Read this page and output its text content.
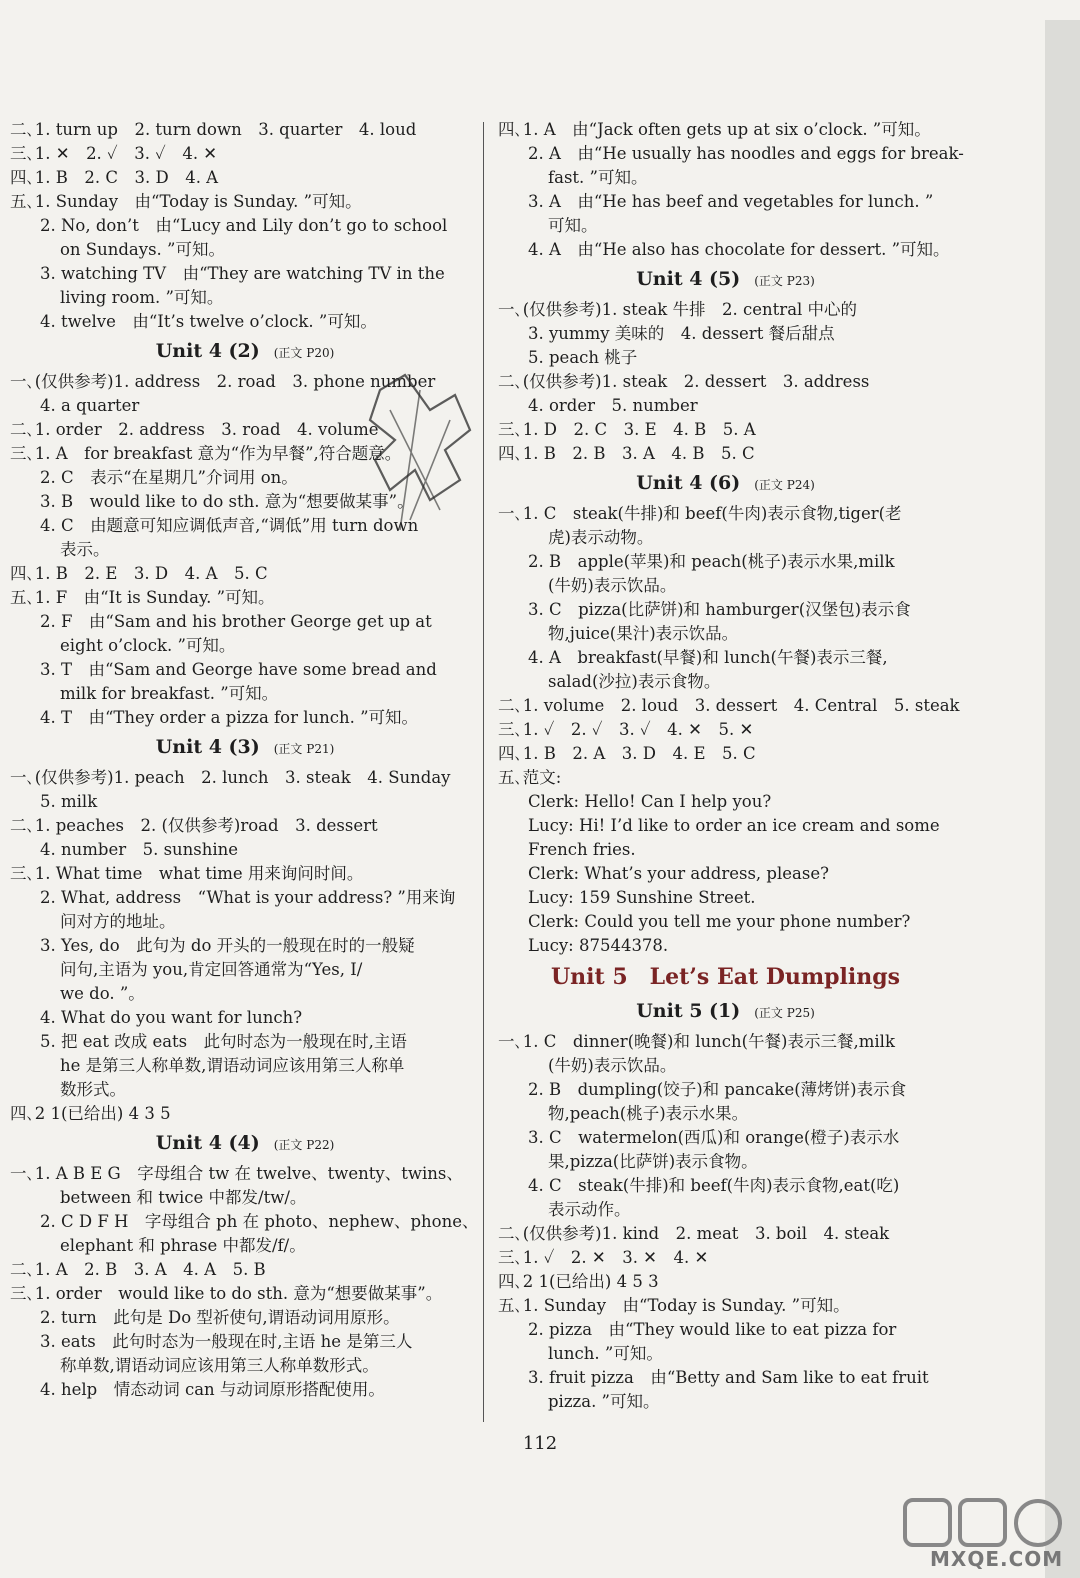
二､1. turn up　2. turn down　3. quarter　4. loud
三､1. ✕　2. ✓　3. ✓　4. ✕
四､1. B　2. C　3. D　4. A
五､1. Sunday　由“Today is Sunday. ”可知。
2. No, don’t　由“Lucy and Lily don’t go to school
on Sundays. ”可知。
3. watching TV　由“They are watching TV in the
living room. ”可知。
4. twelve　由“It’s twelve o’clock. ”可知。
Unit 4 (2) (正文 P20)
一､(仅供参考)1. address　2. road　3. phone number
4. a quarter
二､1. order　2. address　3. road　4. volume
三､1. A　for breakfast 意为“作为早餐”,符合题意。
2. C　表示“在星期几”介词用 on。
3. B　would like to do sth. 意为“想要做某事”。
4. C　由题意可知应调低声音,“调低”用 turn down
表示。
四､1. B　2. E　3. D　4. A　5. C
五､1. F　由“It is Sunday. ”可知。
2. F　由“Sam and his brother George get up at
eight o’clock. ”可知。
3. T　由“Sam and George have some bread and
milk for breakfast. ”可知。
4. T　由“They order a pizza for lunch. ”可知。
Unit 4 (3) (正文 P21)
一､(仅供参考)1. peach　2. lunch　3. steak　4. Sunday
5. milk
二､1. peaches　2. (仅供参考)road　3. dessert
4. number　5. sunshine
三､1. What time　what time 用来询问时间。
2. What, address　“What is your address? ”用来询
问对方的地址。
3. Yes, do　此句为 do 开头的一般现在时的一般疑
问句,主语为 you,肯定回答通常为“Yes, I/
we do. ”。
4. What do you want for lunch?
5. 把 eat 改成 eats　此句时态为一般现在时,主语
he 是第三人称单数,谓语动词应该用第三人称单
数形式。
四､2 1(已给出) 4 3 5
Unit 4 (4) (正文 P22)
一､1. A B E G　字母组合 tw 在 twelve、twenty、twins、
between 和 twice 中都发/tw/。
2. C D F H　字母组合 ph 在 photo、nephew、phone、
elephant 和 phrase 中都发/f/。
二､1. A　2. B　3. A　4. A　5. B
三､1. order　would like to do sth. 意为“想要做某事”。
2. turn　此句是 Do 型祈使句,谓语动词用原形。
3. eats　此句时态为一般现在时,主语 he 是第三人
称单数,谓语动词应该用第三人称单数形式。
4. help　情态动词 can 与动词原形搭配使用。
四､1. A　由“Jack often gets up at six o’clock. ”可知。
2. A　由“He usually has noodles and eggs for break-
fast. ”可知。
3. A　由“He has beef and vegetables for lunch. ”
可知。
4. A　由“He also has chocolate for dessert. ”可知。
Unit 4 (5) (正文 P23)
一､(仅供参考)1. steak 牛排　2. central 中心的
3. yummy 美味的　4. dessert 餐后甜点
5. peach 桃子
二､(仅供参考)1. steak　2. dessert　3. address
4. order　5. number
三､1. D　2. C　3. E　4. B　5. A
四､1. B　2. B　3. A　4. B　5. C
Unit 4 (6) (正文 P24)
一､1. C　steak(牛排)和 beef(牛肉)表示食物,tiger(老
虎)表示动物。
2. B　apple(苹果)和 peach(桃子)表示水果,milk
(牛奶)表示饮品。
3. C　pizza(比萨饼)和 hamburger(汉堡包)表示食
物,juice(果汁)表示饮品。
4. A　breakfast(早餐)和 lunch(午餐)表示三餐,
salad(沙拉)表示食物。
二､1. volume　2. loud　3. dessert　4. Central　5. steak
三､1. ✓　2. ✓　3. ✓　4. ✕　5. ✕
四､1. B　2. A　3. D　4. E　5. C
五､范文:
Clerk: Hello! Can I help you?
Lucy: Hi! I’d like to order an ice cream and some
French fries.
Clerk: What’s your address, please?
Lucy: 159 Sunshine Street.
Clerk: Could you tell me your phone number?
Lucy: 87544378.
Unit 5　Let’s Eat Dumplings
Unit 5 (1) (正文 P25)
一､1. C　dinner(晚餐)和 lunch(午餐)表示三餐,milk
(牛奶)表示饮品。
2. B　dumpling(饺子)和 pancake(薄烤饼)表示食
物,peach(桃子)表示水果。
3. C　watermelon(西瓜)和 orange(橙子)表示水
果,pizza(比萨饼)表示食物。
4. C　steak(牛排)和 beef(牛肉)表示食物,eat(吃)
表示动作。
二､(仅供参考)1. kind　2. meat　3. boil　4. steak
三､1. ✓　2. ✕　3. ✕　4. ✕
四､2 1(已给出) 4 5 3
五､1. Sunday　由“Today is Sunday. ”可知。
2. pizza　由“They would like to eat pizza for
lunch. ”可知。
3. fruit pizza　由“Betty and Sam like to eat fruit
pizza. ”可知。
112
MXQE.COM
